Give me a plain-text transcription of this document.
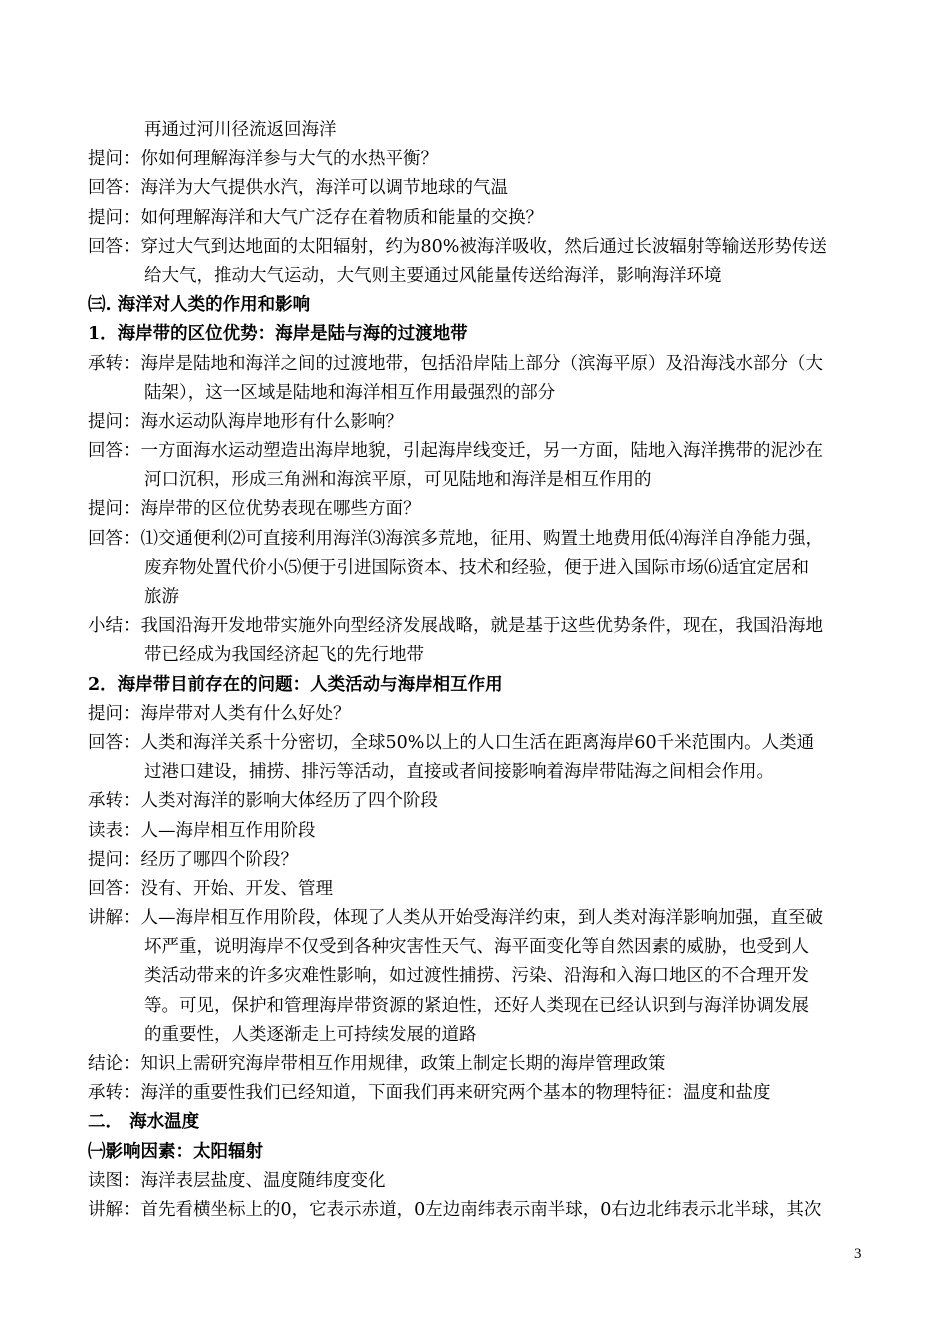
再通过河川径流返回海洋
提问：你如何理解海洋参与大气的水热平衡？
回答：海洋为大气提供水汽，海洋可以调节地球的气温
提问：如何理解海洋和大气广泛存在着物质和能量的交换？
回答：穿过大气到达地面的太阳辐射，约为80%被海洋吸收，然后通过长波辐射等输送形势传送
给大气，推动大气运动，大气则主要通过风能量传送给海洋，影响海洋环境
㈢. 海洋对人类的作用和影响
1．海岸带的区位优势：海岸是陆与海的过渡地带
承转：海岸是陆地和海洋之间的过渡地带，包括沿岸陆上部分（滨海平原）及沿海浅水部分（大
陆架），这一区域是陆地和海洋相互作用最强烈的部分
提问：海水运动队海岸地形有什么影响？
回答：一方面海水运动塑造出海岸地貌，引起海岸线变迁，另一方面，陆地入海洋携带的泥沙在
河口沉积，形成三角洲和海滨平原，可见陆地和海洋是相互作用的
提问：海岸带的区位优势表现在哪些方面？
回答：⑴交通便利⑵可直接利用海洋⑶海滨多荒地，征用、购置土地费用低⑷海洋自净能力强，
废弃物处置代价小⑸便于引进国际资本、技术和经验，便于进入国际市场⑹适宜定居和
旅游
小结：我国沿海开发地带实施外向型经济发展战略，就是基于这些优势条件，现在，我国沿海地
带已经成为我国经济起飞的先行地带
2．海岸带目前存在的问题：人类活动与海岸相互作用
提问：海岸带对人类有什么好处？
回答：人类和海洋关系十分密切，全球50%以上的人口生活在距离海岸60千米范围内。人类通
过港口建设，捕捞、排污等活动，直接或者间接影响着海岸带陆海之间相会作用。
承转：人类对海洋的影响大体经历了四个阶段
读表：人—海岸相互作用阶段
提问：经历了哪四个阶段？
回答：没有、开始、开发、管理
讲解：人—海岸相互作用阶段，体现了人类从开始受海洋约束，到人类对海洋影响加强，直至破
坏严重，说明海岸不仅受到各种灾害性天气、海平面变化等自然因素的威胁，也受到人
类活动带来的许多灾难性影响，如过渡性捕捞、污染、沿海和入海口地区的不合理开发
等。可见，保护和管理海岸带资源的紧迫性，还好人类现在已经认识到与海洋协调发展
的重要性，人类逐渐走上可持续发展的道路
结论：知识上需研究海岸带相互作用规律，政策上制定长期的海岸管理政策
承转：海洋的重要性我们已经知道，下面我们再来研究两个基本的物理特征：温度和盐度
二． 海水温度
㈠影响因素：太阳辐射
读图：海洋表层盐度、温度随纬度变化
讲解：首先看横坐标上的0，它表示赤道，0左边南纬表示南半球，0右边北纬表示北半球，其次
3
